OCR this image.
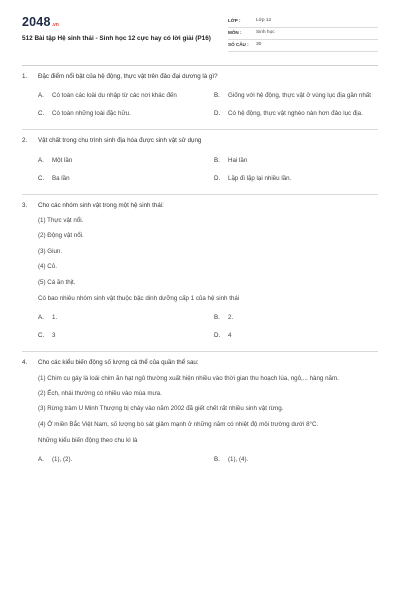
2048 .vn
512 Bài tập Hệ sinh thái - Sinh học 12 cực hay có lời giải (P16)
LỚP :	Lớp 12
MÔN :	Sinh học
SỐ CÂU :	30
1.	Đặc điểm nổi bật của hệ động, thực vật trên đảo đại dương là gì?
A.	Có toàn các loài du nhập từ các nơi khác đến	B.	Giống với hệ động, thực vật ở vùng lục địa gần nhất
C.	Có toàn những loài đặc hữu.	D.	Có hệ động, thực vật nghèo nàn hơn đảo lục địa.
2.	Vật chất trong chu trình sinh địa hóa được sinh vật sử dụng
A.	Một lần	B.	Hai lần
C.	Ba lần	D.	Lặp đi lặp lại nhiều lần.
3.	Cho các nhóm sinh vật trong một hệ sinh thái:
(1) Thực vật nổi.
(2) Động vật nổi.
(3) Giun.
(4) Cỏ.
(5) Cá ăn thịt.
Có bao nhiêu nhóm sinh vật thuộc bậc dinh dưỡng cấp 1 của hệ sinh thái
A.	1.	B.	2.
C.	3	D.	4
4.	Cho các kiểu biến động số lượng cá thể của quần thể sau:
(1) Chim cu gáy là loài chim ăn hạt ngô thường xuất hiện nhiều vào thời gian thu hoạch lúa, ngô,... hàng năm.
(2) Ếch, nhái thường có nhiều vào mùa mưa.
(3) Rừng tràm U Minh Thượng bị cháy vào năm 2002 đã giết chết rất nhiều sinh vật rừng.
(4) Ở miền Bắc Việt Nam, số lượng bò sát giảm mạnh ở những năm có nhiệt độ môi trường dưới 8°C.
Những kiểu biến động theo chu kì là
A.	(1), (2).	B.	(1), (4).
